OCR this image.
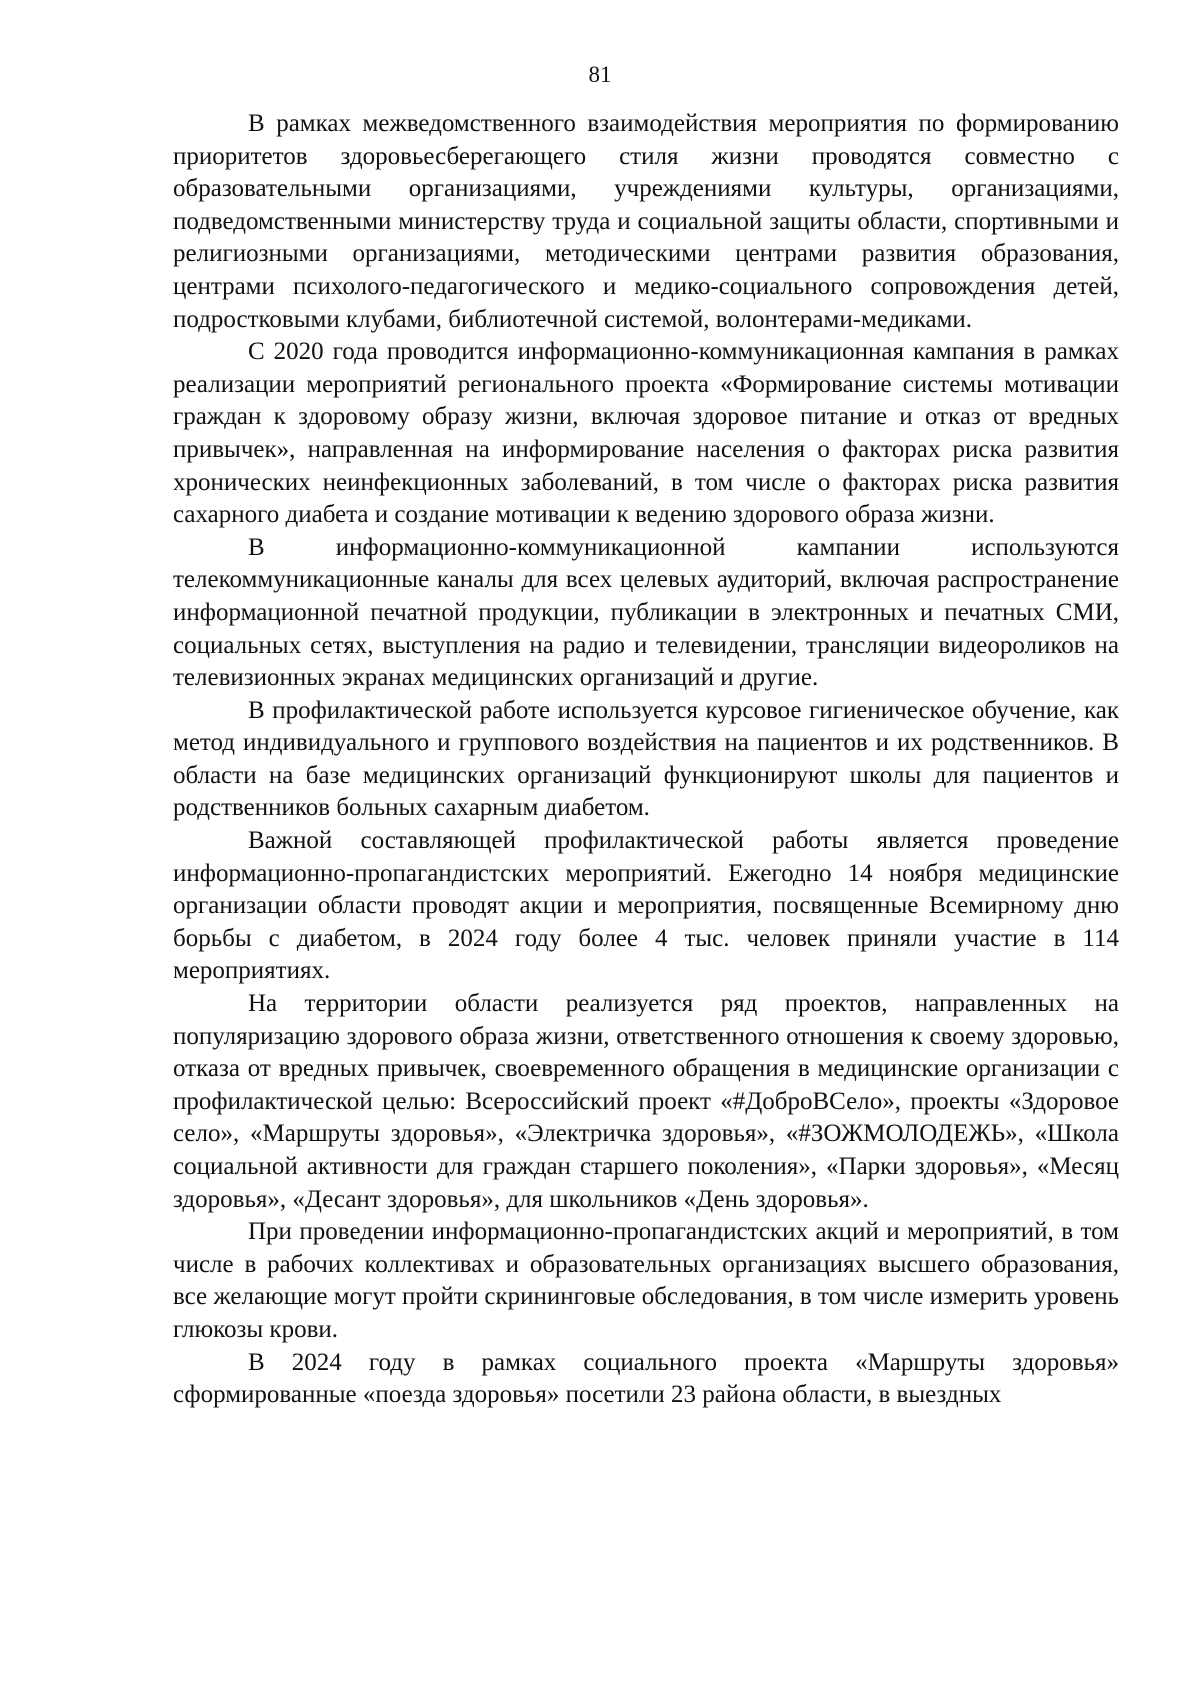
81

В рамках межведомственного взаимодействия мероприятия по формированию приоритетов здоровьесберегающего стиля жизни проводятся совместно с образовательными организациями, учреждениями культуры, организациями, подведомственными министерству труда и социальной защиты области, спортивными и религиозными организациями, методическими центрами развития образования, центрами психолого-педагогического и медико-социального сопровождения детей, подростковыми клубами, библиотечной системой, волонтерами-медиками.

С 2020 года проводится информационно-коммуникационная кампания в рамках реализации мероприятий регионального проекта «Формирование системы мотивации граждан к здоровому образу жизни, включая здоровое питание и отказ от вредных привычек», направленная на информирование населения о факторах риска развития хронических неинфекционных заболеваний, в том числе о факторах риска развития сахарного диабета и создание мотивации к ведению здорового образа жизни.

В информационно-коммуникационной кампании используются телекоммуникационные каналы для всех целевых аудиторий, включая распространение информационной печатной продукции, публикации в электронных и печатных СМИ, социальных сетях, выступления на радио и телевидении, трансляции видеороликов на телевизионных экранах медицинских организаций и другие.

В профилактической работе используется курсовое гигиеническое обучение, как метод индивидуального и группового воздействия на пациентов и их родственников. В области на базе медицинских организаций функционируют школы для пациентов и родственников больных сахарным диабетом.

Важной составляющей профилактической работы является проведение информационно-пропагандистских мероприятий. Ежегодно 14 ноября медицинские организации области проводят акции и мероприятия, посвященные Всемирному дню борьбы с диабетом, в 2024 году более 4 тыс. человек приняли участие в 114 мероприятиях.

На территории области реализуется ряд проектов, направленных на популяризацию здорового образа жизни, ответственного отношения к своему здоровью, отказа от вредных привычек, своевременного обращения в медицинские организации с профилактической целью: Всероссийский проект «#ДоброВСело», проекты «Здоровое село», «Маршруты здоровья», «Электричка здоровья», «#ЗОЖМОЛОДЕЖЬ», «Школа социальной активности для граждан старшего поколения», «Парки здоровья», «Месяц здоровья», «Десант здоровья», для школьников «День здоровья».

При проведении информационно-пропагандистских акций и мероприятий, в том числе в рабочих коллективах и образовательных организациях высшего образования, все желающие могут пройти скрининговые обследования, в том числе измерить уровень глюкозы крови.

В 2024 году в рамках социального проекта «Маршруты здоровья» сформированные «поезда здоровья» посетили 23 района области, в выездных
